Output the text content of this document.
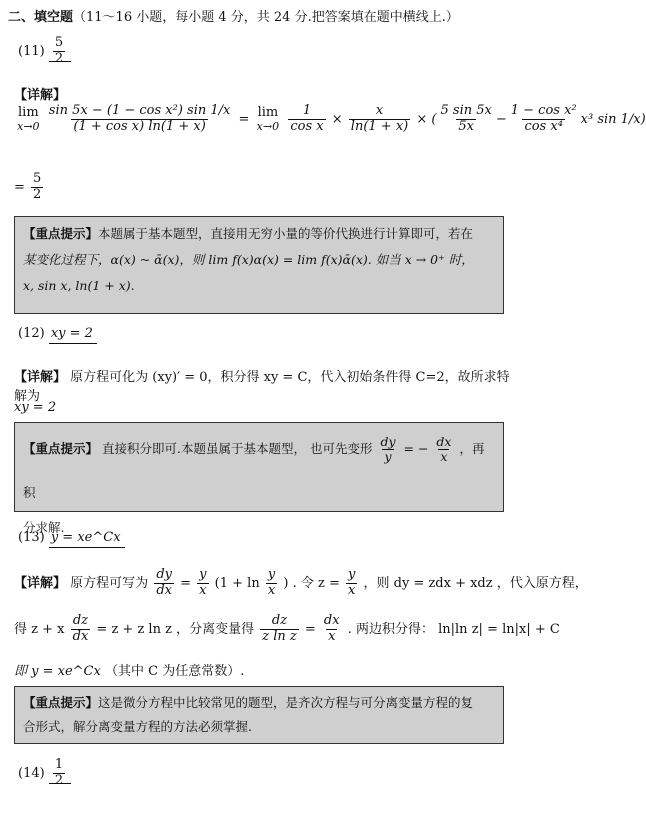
二、填空题（11～16 小题，每小题 4 分，共 24 分.把答案填在题中横线上.）
$(11) \frac{5}{2}$
【详解】
lim
x→0
$\frac{\text{sin 5x − (1 − cos x²) sin 1/x}}{\text{(1 + cos x) ln(1 + x)}} = \lim$
x→0
$\frac{1}{\text{cos x}} \times \frac{x}{\ln(1 + x)}$ × ( $\frac{5 \sin 5x}{5x} - \frac{\text{1 − cos x²}}{\text{cos x⁴}} x^3$ sin 1/x)
= $\frac{5}{2}$
【重点提示】本题属于基本题型，直接用无穷小量的等价代换进行计算即可，若在
某变化过程下，α(x) ~ ᾱ(x)，则 lim f(x)α(x) = lim f(x)ᾱ(x). 如当 x → 0⁺ 时，
x, sin x, ln(1 + x).
(12) xy = 2
【详解】 原方程可化为 (xy)′ = 0，积分得 xy = C，代入初始条件得 C=2，故所求特解为
xy = 2
【重点提示】 直接积分即可.本题虽属于基本题型， 也可先变形 $\frac{dy}{y}$ = − $\frac{dx}{x}$ ，再积
分求解.
(13) y = xe^Cx
【详解】 原方程可写为 $\frac{dy}{dx} = \frac{y}{x} (1 + \ln \frac{y}{x}$ ) . 令 $z = \frac{y}{x}$ ，则 dy = zdx + xdz ，代入原方程，
得 z + x $\frac{dz}{dx} = z + z$ ln z ，分离变量得 $\frac{dz}{\text{z ln z}} = \frac{dx}{x}$ . 两边积分得： ln|ln z| = ln|x| + C
即 y = xe^Cx （其中 C 为任意常数）.
【重点提示】这是微分方程中比较常见的题型，是齐次方程与可分离变量方程的复
合形式，解分离变量方程的方法必须掌握.
$(14) \frac{1}{2}$
